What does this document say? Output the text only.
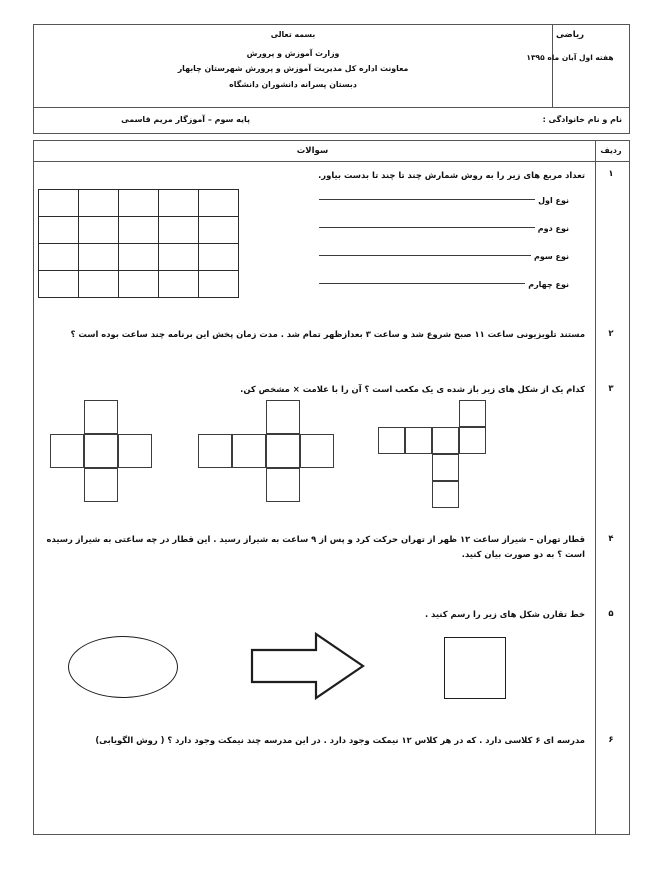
ریاضی
هفته اول آبان ماه ۱۳۹۵
بسمه تعالی
وزارت آموزش و پرورش
معاونت اداره کل مدیریت آموزش و پرورش شهرستان چابهار
دبستان پسرانه دانشوران دانشگاه
نام و نام خانوادگی :
پایه سوم – آموزگار مریم قاسمی
ردیف
سوالات
۱
تعداد مربع های زیر را به روش شمارش چند تا چند تا بدست بیاور.
نوع اول
نوع دوم
نوع سوم
نوع چهارم
۲
مستند تلویزیونی ساعت ۱۱ صبح شروع شد و ساعت ۳ بعدازظهر تمام شد . مدت زمان پخش این برنامه چند ساعت بوده است ؟
۳
کدام یک از شکل های زیر باز شده ی یک مکعب است ؟ آن را با علامت × مشخص کن.
۴
قطار تهران – شیراز ساعت ۱۲ ظهر از تهران حرکت کرد و پس از ۹ ساعت به شیراز رسید . این قطار در چه ساعتی به شیراز رسیده است ؟ به دو صورت بیان کنید.
۵
خط تقارن شکل های زیر را رسم کنید .
۶
مدرسه ای ۶ کلاسی دارد . که در هر کلاس ۱۲ نیمکت وجود دارد . در این مدرسه چند نیمکت وجود دارد ؟ ( روش الگویابی)
